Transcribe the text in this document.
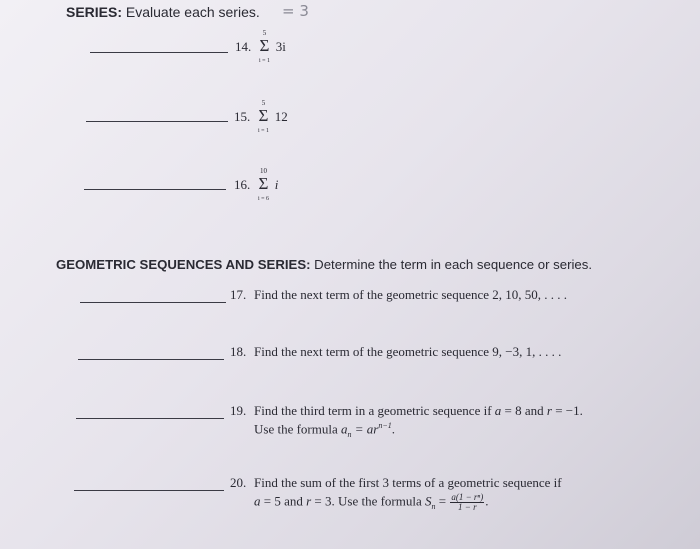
SERIES: Evaluate each series. = 3
14. Σ
5
i = 1
3i
15. Σ
5
i = 1
12
16. Σ
10
i = 6
i
GEOMETRIC SEQUENCES AND SERIES: Determine the term in each sequence or series.
17. Find the next term of the geometric sequence 2, 10, 50, . . . .
18. Find the next term of the geometric sequence 9, −3, 1, . . . .
19. Find the third term in a geometric sequence if a = 8 and r = −1.
Use the formula $a_n = ar^{n-1}$.
20. Find the sum of the first 3 terms of a geometric sequence if
a = 5 and r = 3. Use the formula $S_n = \frac{\text{a(1 − rⁿ)}}{1 - r}$ .
